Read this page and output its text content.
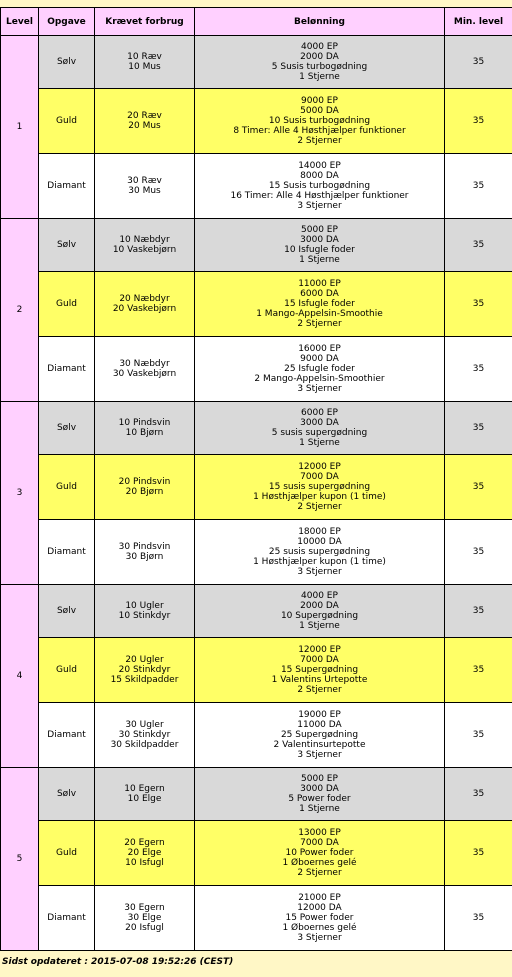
Level	Opgave	Krævet forbrug	Belønning	Min. level
1	Sølv	10 Ræv
10 Mus	4000 EP
2000 DA
5 Susis turbogødning
1 Stjerne	35
	Guld	20 Ræv
20 Mus	9000 EP
5000 DA
10 Susis turbogødning
8 Timer: Alle 4 Høsthjælper funktioner
2 Stjerner	35
	Diamant	30 Ræv
30 Mus	14000 EP
8000 DA
15 Susis turbogødning
16 Timer: Alle 4 Høsthjælper funktioner
3 Stjerner	35
2	Sølv	10 Næbdyr
10 Vaskebjørn	5000 EP
3000 DA
10 Isfugle foder
1 Stjerne	35
	Guld	20 Næbdyr
20 Vaskebjørn	11000 EP
6000 DA
15 Isfugle foder
1 Mango-Appelsin-Smoothie
2 Stjerner	35
	Diamant	30 Næbdyr
30 Vaskebjørn	16000 EP
9000 DA
25 Isfugle foder
2 Mango-Appelsin-Smoothier
3 Stjerner	35
3	Sølv	10 Pindsvin
10 Bjørn	6000 EP
3000 DA
5 susis supergødning
1 Stjerne	35
	Guld	20 Pindsvin
20 Bjørn	12000 EP
7000 DA
15 susis supergødning
1 Høsthjælper kupon (1 time)
2 Stjerner	35
	Diamant	30 Pindsvin
30 Bjørn	18000 EP
10000 DA
25 susis supergødning
1 Høsthjælper kupon (1 time)
3 Stjerner	35
4	Sølv	10 Ugler
10 Stinkdyr	4000 EP
2000 DA
10 Supergødning
1 Stjerne	35
	Guld	20 Ugler
20 Stinkdyr
15 Skildpadder	12000 EP
7000 DA
15 Supergødning
1 Valentins Urtepotte
2 Stjerner	35
	Diamant	30 Ugler
30 Stinkdyr
30 Skildpadder	19000 EP
11000 DA
25 Supergødning
2 Valentinsurtepotte
3 Stjerner	35
5	Sølv	10 Egern
10 Elge	5000 EP
3000 DA
5 Power foder
1 Stjerne	35
	Guld	20 Egern
20 Elge
10 Isfugl	13000 EP
7000 DA
10 Power foder
1 Øboernes gelé
2 Stjerner	35
	Diamant	30 Egern
30 Elge
20 Isfugl	21000 EP
12000 DA
15 Power foder
1 Øboernes gelé
3 Stjerner	35
Sidst opdateret : 2015-07-08 19:52:26 (CEST)
